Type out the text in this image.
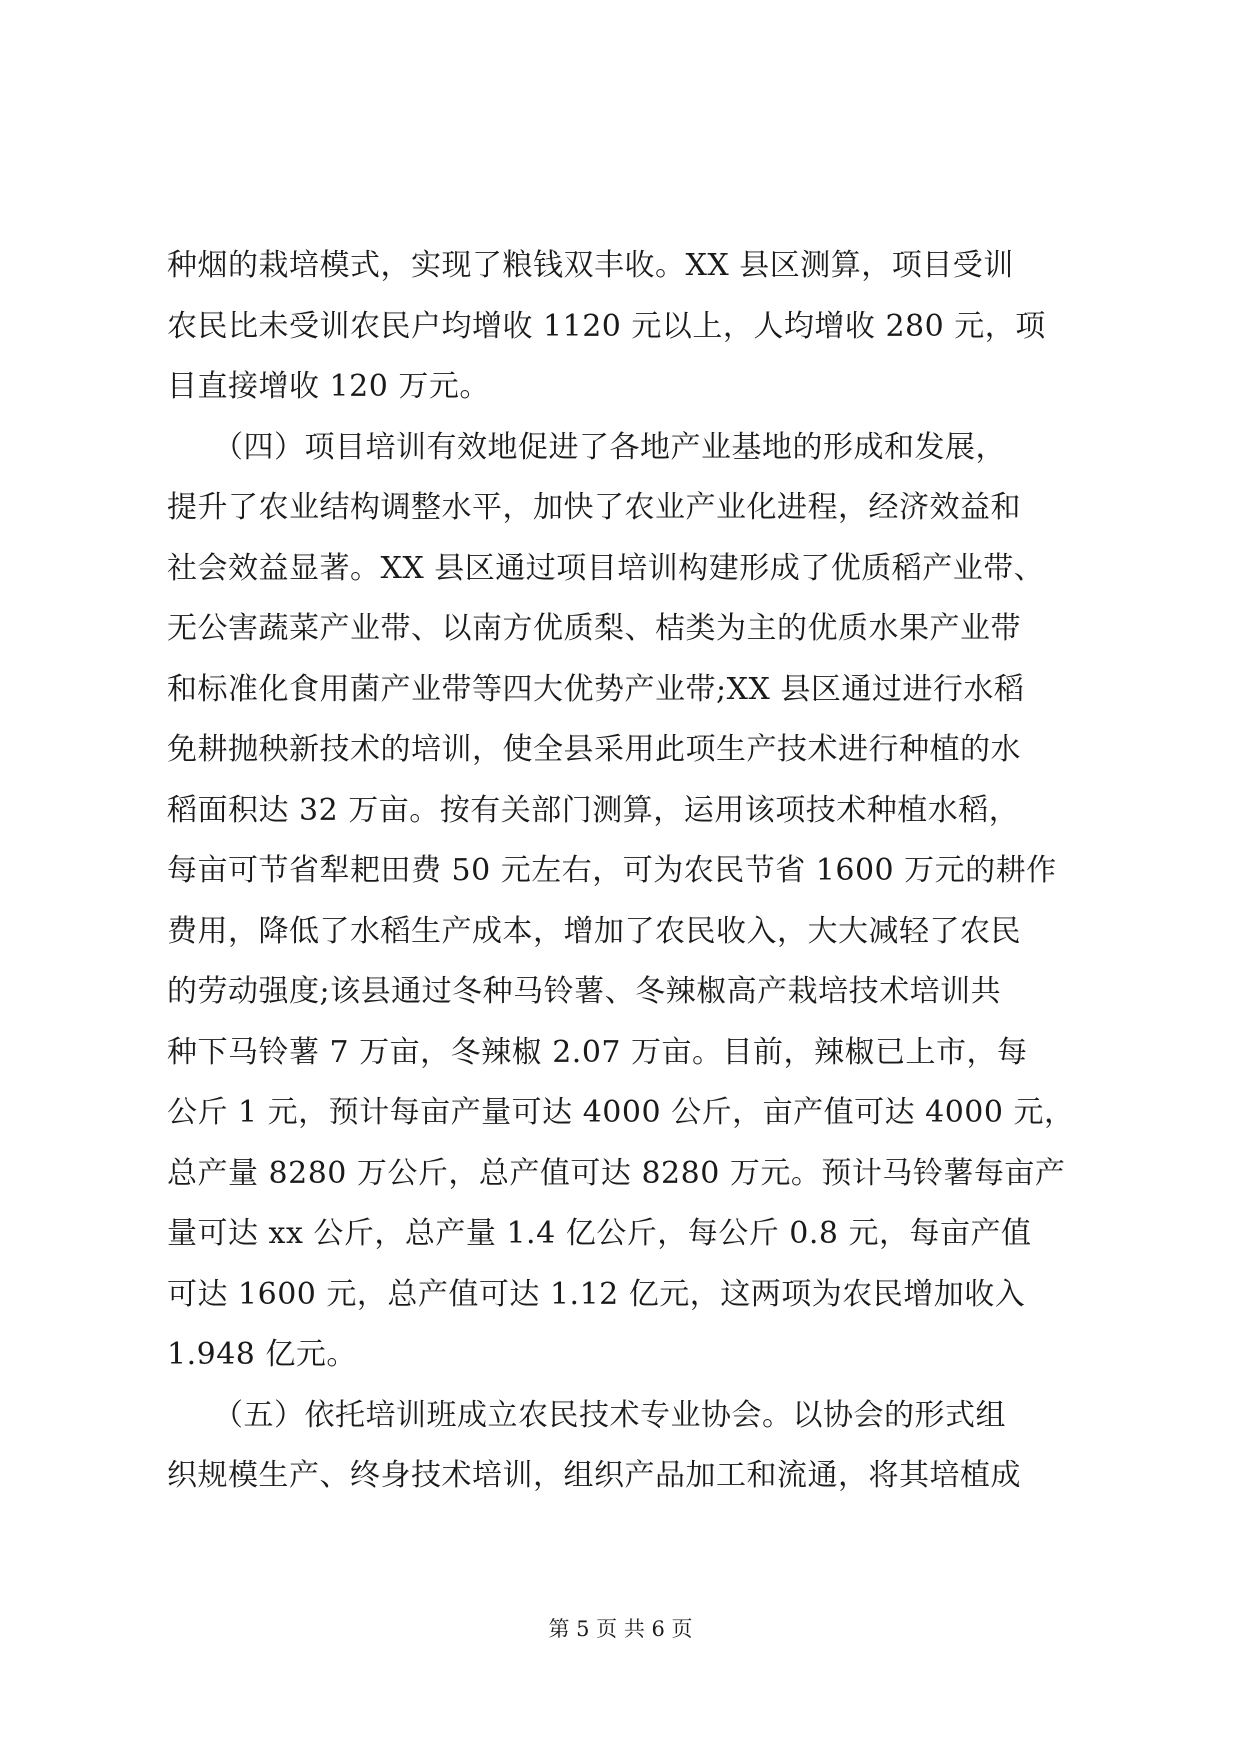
种烟的栽培模式，实现了粮钱双丰收。XX 县区测算，项目受训
农民比未受训农民户均增收 1120 元以上，人均增收 280 元，项
目直接增收 120 万元。
　　（四）项目培训有效地促进了各地产业基地的形成和发展，
提升了农业结构调整水平，加快了农业产业化进程，经济效益和
社会效益显著。XX 县区通过项目培训构建形成了优质稻产业带、
无公害蔬菜产业带、以南方优质梨、桔类为主的优质水果产业带
和标准化食用菌产业带等四大优势产业带;XX 县区通过进行水稻
免耕抛秧新技术的培训，使全县采用此项生产技术进行种植的水
稻面积达 32 万亩。按有关部门测算，运用该项技术种植水稻，
每亩可节省犁耙田费 50 元左右，可为农民节省 1600 万元的耕作
费用，降低了水稻生产成本，增加了农民收入，大大减轻了农民
的劳动强度;该县通过冬种马铃薯、冬辣椒高产栽培技术培训共
种下马铃薯 7 万亩，冬辣椒 2.07 万亩。目前，辣椒已上市，每
公斤 1 元，预计每亩产量可达 4000 公斤，亩产值可达 4000 元，
总产量 8280 万公斤，总产值可达 8280 万元。预计马铃薯每亩产
量可达 xx 公斤，总产量 1.4 亿公斤，每公斤 0.8 元，每亩产值
可达 1600 元，总产值可达 1.12 亿元，这两项为农民增加收入
1.948 亿元。
　　（五）依托培训班成立农民技术专业协会。以协会的形式组
织规模生产、终身技术培训，组织产品加工和流通，将其培植成
第 5 页 共 6 页
